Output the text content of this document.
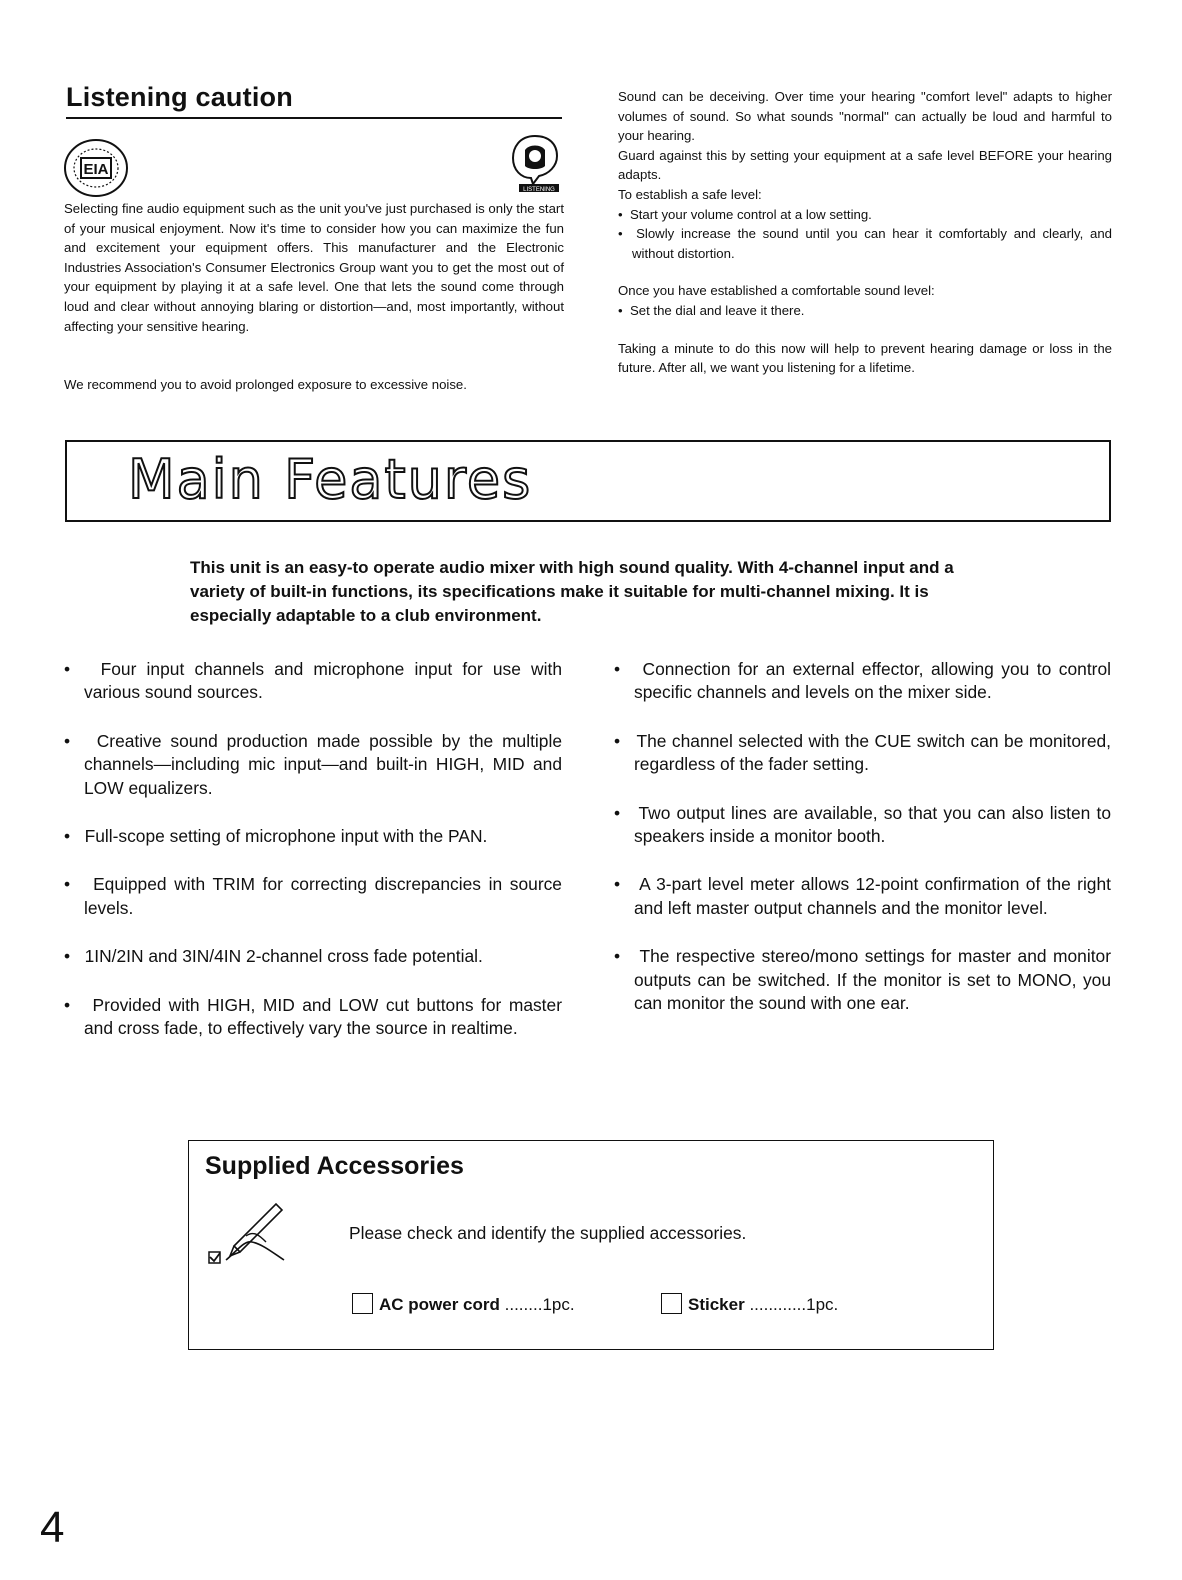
Listening caution
EIA
LISTENING
Selecting fine audio equipment such as the unit you've just purchased is only the start of your musical enjoyment. Now it's time to consider how you can maximize the fun and excitement your equipment offers. This manufacturer and the Electronic Industries Association's Consumer Electronics Group want you to get the most out of your equipment by playing it at a safe level. One that lets the sound come through loud and clear without annoying blaring or distortion—and, most importantly, without affecting your sensitive hearing.
We recommend you to avoid prolonged exposure to excessive noise.

Sound can be deceiving. Over time your hearing "comfort level" adapts to higher volumes of sound. So what sounds "normal" can actually be loud and harmful to your hearing.

Guard against this by setting your equipment at a safe level BEFORE your hearing adapts.

To establish a safe level:

•  Start your volume control at a low setting.

•  Slowly increase the sound until you can hear it comfortably and clearly, and without distortion.

Once you have established a comfortable sound level:

•  Set the dial and leave it there.

Taking a minute to do this now will help to prevent hearing damage or loss in the future. After all, we want you listening for a lifetime.

Main Features
This unit is an easy-to operate audio mixer with high sound quality. With 4-channel input and a variety of built-in functions, its specifications make it suitable for multi-channel mixing. It is especially adaptable to a club environment.

•   Four input channels and microphone input for use with various sound sources.

•   Creative sound production made possible by the multiple channels—including mic input—and built-in HIGH, MID and LOW equalizers.

•   Full-scope setting of microphone input with the PAN.

•   Equipped with TRIM for correcting discrepancies in source levels.

•   1IN/2IN and 3IN/4IN 2-channel cross fade potential.

•   Provided with HIGH, MID and LOW cut buttons for master and cross fade, to effectively vary the source in realtime.

•   Connection for an external effector, allowing you to control specific channels and levels on the mixer side.

•   The channel selected with the CUE switch can be monitored, regardless of the fader setting.

•   Two output lines are available, so that you can also listen to speakers inside a monitor booth.

•   A 3-part level meter allows 12-point confirmation of the right and left master output channels and the monitor level.

•   The respective stereo/mono settings for master and monitor outputs can be switched. If the monitor is set to MONO, you can monitor the sound with one ear.

Supplied Accessories
Please check and identify the supplied accessories.
AC power cord ........1pc.	Sticker ............1pc.
4
